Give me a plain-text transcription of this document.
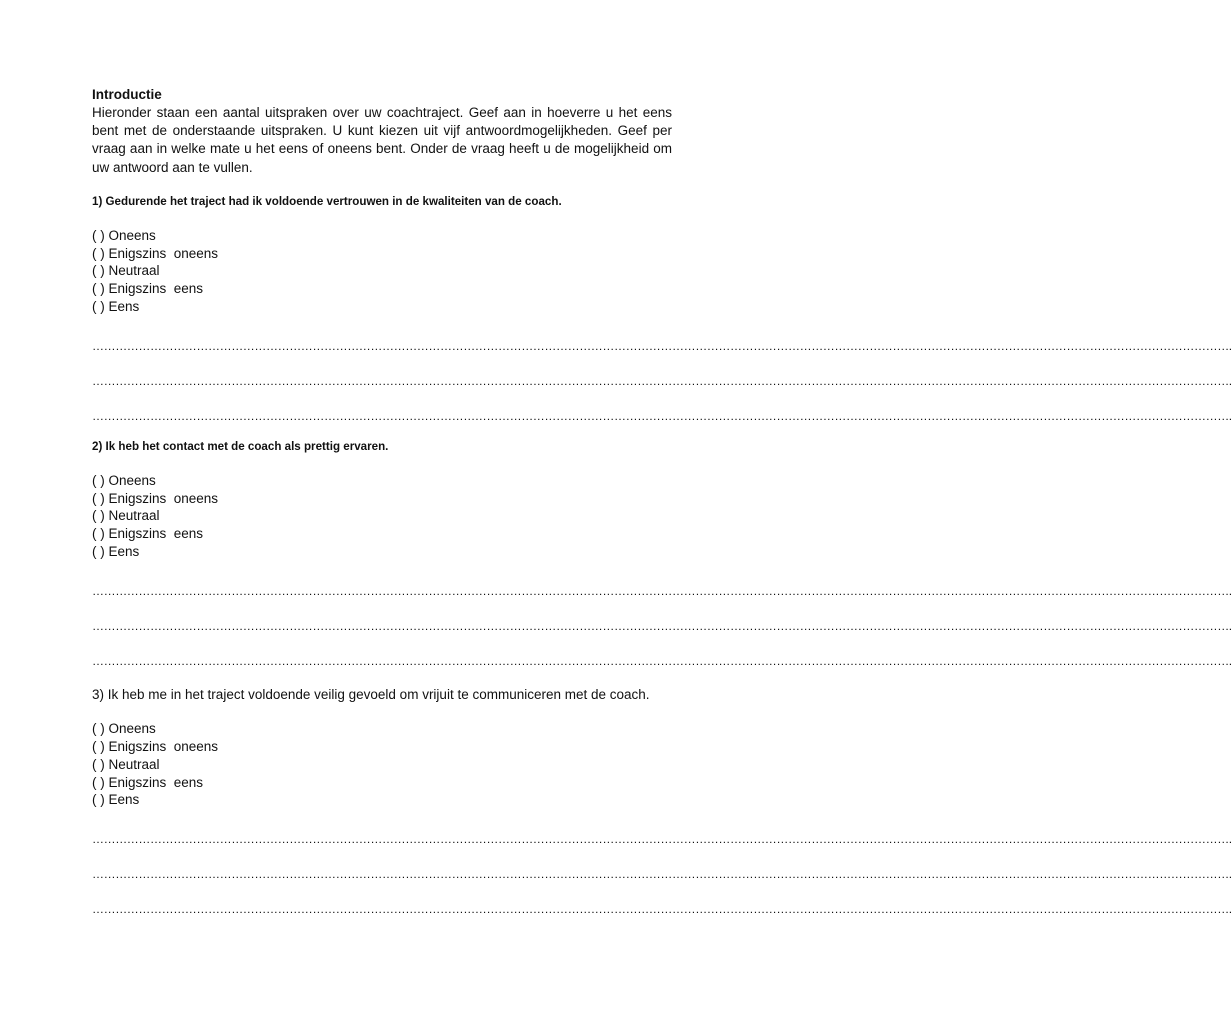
Introductie

Hieronder staan een aantal uitspraken over uw coachtraject. Geef aan in hoeverre u het eens bent met de onderstaande uitspraken. U kunt kiezen uit vijf antwoordmogelijkheden. Geef per vraag aan in welke mate u het eens of oneens bent. Onder de vraag heeft u de mogelijkheid om uw antwoord aan te vullen.

1) Gedurende het traject had ik voldoende vertrouwen in de kwaliteiten van de coach.

( ) Oneens
( ) Enigszins  oneens
( ) Neutraal
( ) Enigszins  eens
( ) Eens
…………………………………………………………………………………………………………………………………………………………………………………………………………………………………………………………………….
…………………………………………………………………………………………………………………………………………………………………………………………………………………………………………………………………….
…………………………………………………………………………………………………………………………………………………………………………………………………………………………………………………………………….

2) Ik heb het contact met de coach als prettig ervaren.

( ) Oneens
( ) Enigszins  oneens
( ) Neutraal
( ) Enigszins  eens
( ) Eens
…………………………………………………………………………………………………………………………………………………………………………………………………………………………………………………………………….
…………………………………………………………………………………………………………………………………………………………………………………………………………………………………………………………………….
…………………………………………………………………………………………………………………………………………………………………………………………………………………………………………………………………….

3) Ik heb me in het traject voldoende veilig gevoeld om vrijuit te communiceren met de coach.

( ) Oneens
( ) Enigszins  oneens
( ) Neutraal
( ) Enigszins  eens
( ) Eens
…………………………………………………………………………………………………………………………………………………………………………………………………………………………………………………………………….
…………………………………………………………………………………………………………………………………………………………………………………………………………………………………………………………………….
…………………………………………………………………………………………………………………………………………………………………………………………………………………………………………………………………….
